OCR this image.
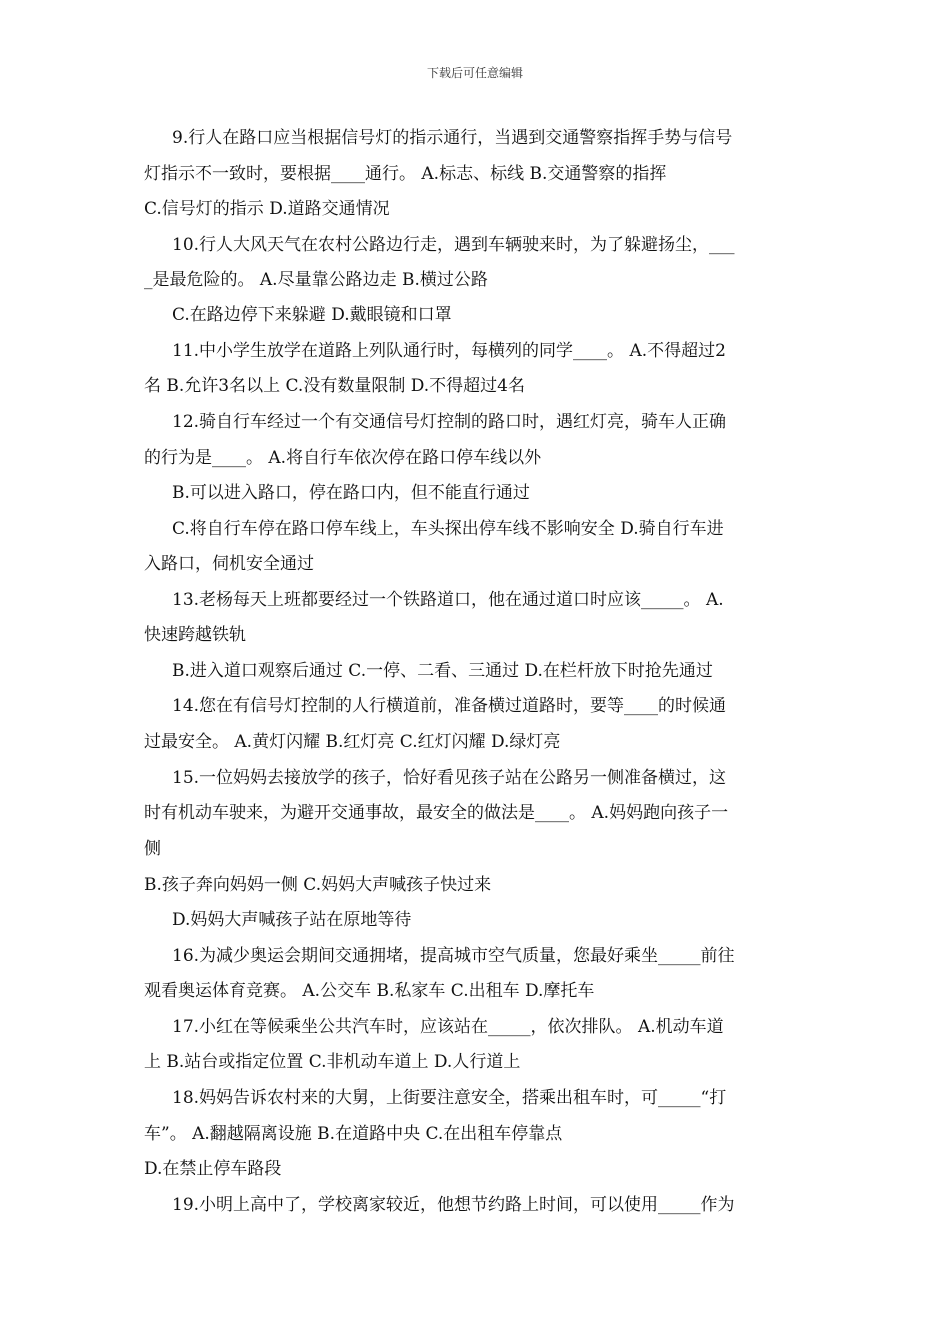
下载后可任意编辑
9.行人在路口应当根据信号灯的指示通行，当遇到交通警察指挥手势与信号
灯指示不一致时，要根据____通行。 A.标志、标线 B.交通警察的指挥
C.信号灯的指示 D.道路交通情况
10.行人大风天气在农村公路边行走，遇到车辆驶来时，为了躲避扬尘，___
_是最危险的。 A.尽量靠公路边走 B.横过公路
C.在路边停下来躲避 D.戴眼镜和口罩
11.中小学生放学在道路上列队通行时，每横列的同学____。 A.不得超过2
名 B.允许3名以上 C.没有数量限制 D.不得超过4名
12.骑自行车经过一个有交通信号灯控制的路口时，遇红灯亮，骑车人正确
的行为是____。 A.将自行车依次停在路口停车线以外
B.可以进入路口，停在路口内，但不能直行通过
C.将自行车停在路口停车线上，车头探出停车线不影响安全 D.骑自行车进
入路口，伺机安全通过
13.老杨每天上班都要经过一个铁路道口，他在通过道口时应该_____。 A.
快速跨越铁轨
B.进入道口观察后通过 C.一停、二看、三通过 D.在栏杆放下时抢先通过
14.您在有信号灯控制的人行横道前，准备横过道路时，要等____的时候通
过最安全。 A.黄灯闪耀 B.红灯亮 C.红灯闪耀 D.绿灯亮
15.一位妈妈去接放学的孩子，恰好看见孩子站在公路另一侧准备横过，这
时有机动车驶来，为避开交通事故，最安全的做法是____。 A.妈妈跑向孩子一
侧
B.孩子奔向妈妈一侧 C.妈妈大声喊孩子快过来
D.妈妈大声喊孩子站在原地等待
16.为减少奥运会期间交通拥堵，提高城市空气质量，您最好乘坐_____前往
观看奥运体育竞赛。 A.公交车 B.私家车 C.出租车 D.摩托车
17.小红在等候乘坐公共汽车时，应该站在_____，依次排队。 A.机动车道
上 B.站台或指定位置 C.非机动车道上 D.人行道上
18.妈妈告诉农村来的大舅，上街要注意安全，搭乘出租车时，可_____“打
车”。 A.翻越隔离设施 B.在道路中央 C.在出租车停靠点
D.在禁止停车路段
19.小明上高中了，学校离家较近，他想节约路上时间，可以使用_____作为
